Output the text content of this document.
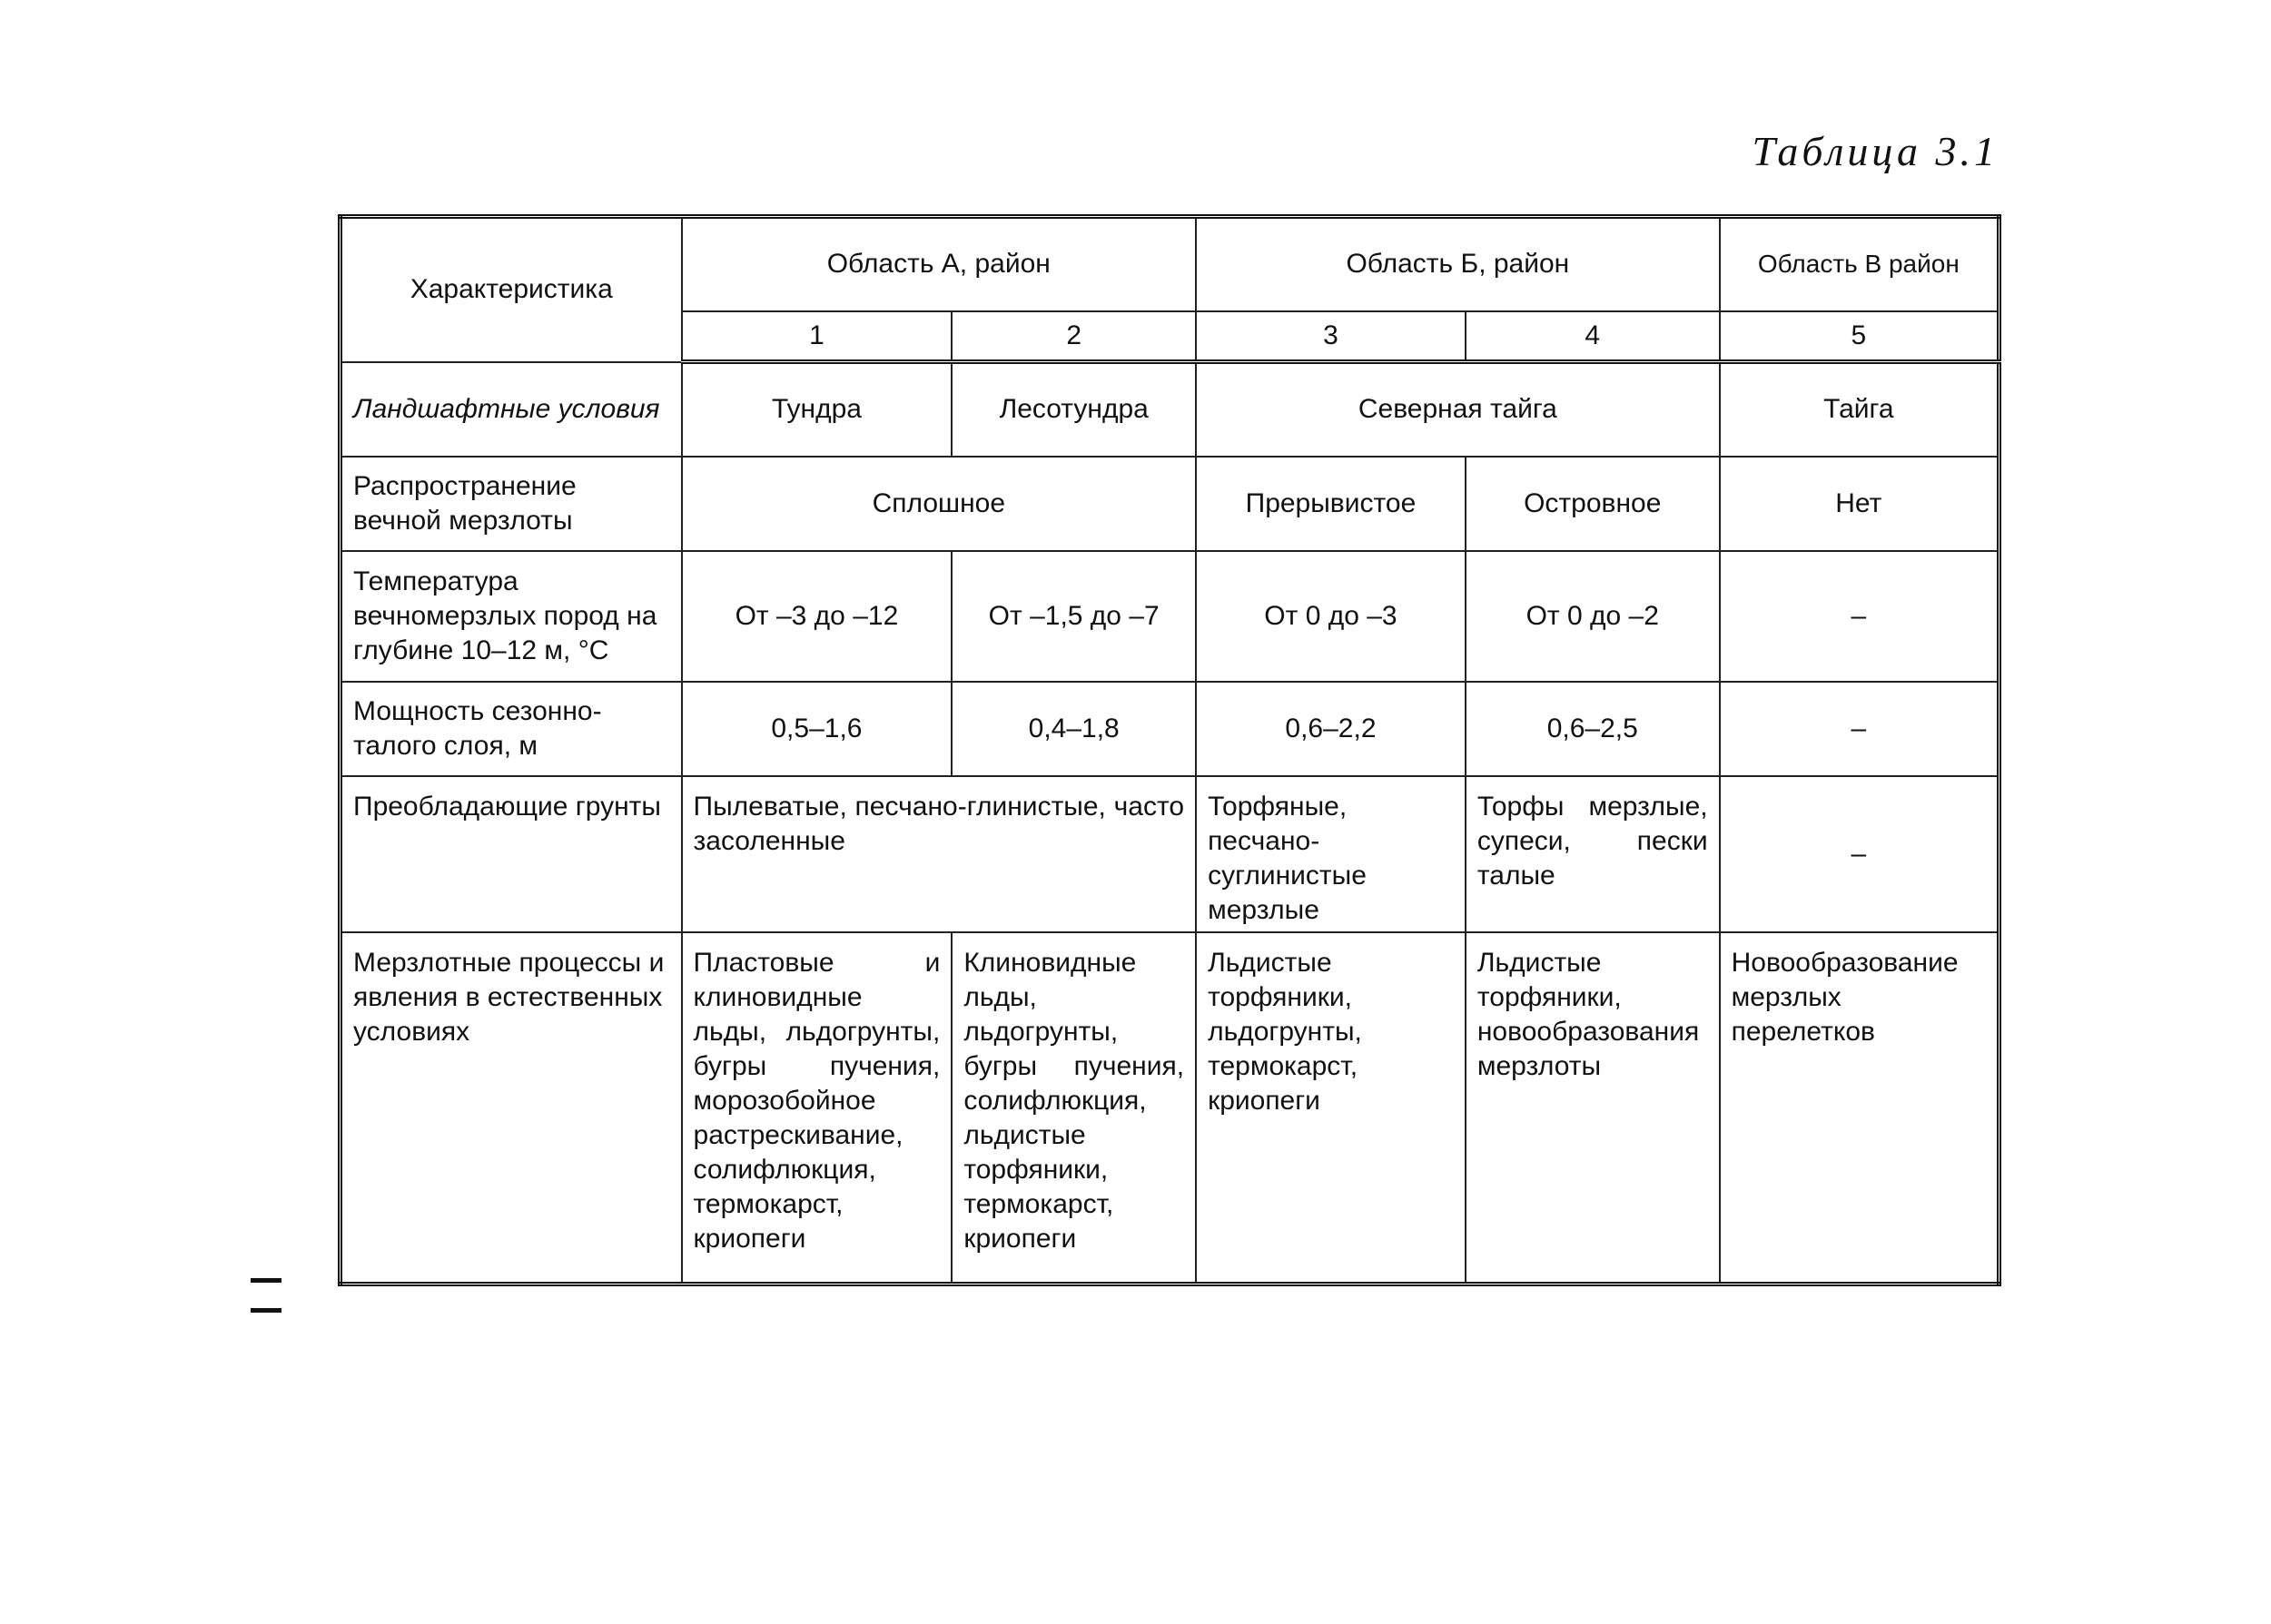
Таблица 3.1
Характеристика	Область А, район		Область Б, район		Область В район
	1	2	3	4	5
Ландшафтные условия	Тундра	Лесотундра	Северная тайга		Тайга
Распространение вечной мерзлоты	Сплошное		Прерывистое	Островное	Нет
Температура вечномерзлых пород на глубине 10–12 м, °С	От –3 до –12	От –1,5 до –7	От 0 до –3	От 0 до –2	–
Мощность сезонно-талого слоя, м	0,5–1,6	0,4–1,8	0,6–2,2	0,6–2,5	–
Преобладающие грунты	Пылеватые, песчано-глинистые, часто засоленные		Торфяные, песчано-суглинистые мерзлые	Торфы мерзлые, супеси, пески талые	–
Мерзлотные процессы и явления в естественных условиях	Пластовые и клиновидные льды, льдогрунты, бугры пучения, морозобойное растрескивание, солифлюкция, термокарст, криопеги	Клиновидные льды, льдогрунты, бугры пучения, солифлюкция, льдистые торфяники, термокарст, криопеги	Льдистые торфяники, льдогрунты, термокарст, криопеги	Льдистые торфяники, новообразования мерзлоты	Новообразование мерзлых перелетков
